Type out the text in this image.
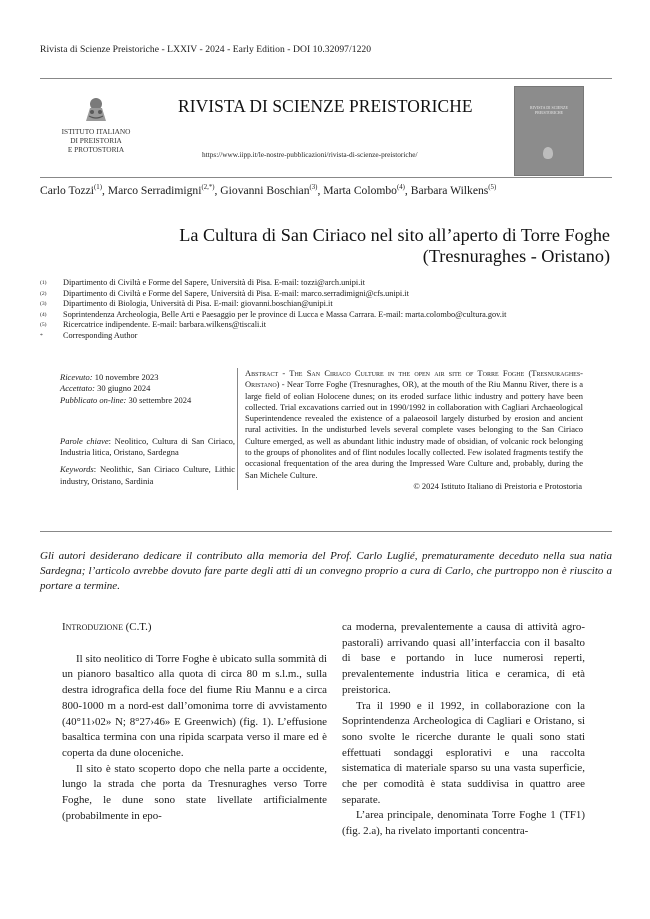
Rivista di Scienze Preistoriche - LXXIV - 2024 - Early Edition - DOI 10.32097/1220
ISTITUTO ITALIANO
DI PREISTORIA
E PROTOSTORIA
RIVISTA DI SCIENZE PREISTORICHE
https://www.iipp.it/le-nostre-pubblicazioni/rivista-di-scienze-preistoriche/
RIVISTA DI SCIENZE PREISTORICHE
Carlo Tozzi$^{(1)}$, Marco Serradimigni$^{(2,*)}$, Giovanni Boschian$^{(3)}$, Marta Colombo$^{(4)}$, Barbara Wilkens$^{(5)}$
La Cultura di San Ciriaco nel sito all’aperto di Torre Foghe
(Tresnuraghes - Oristano)
(1)	Dipartimento di Civiltà e Forme del Sapere, Università di Pisa. E-mail: tozzi@arch.unipi.it
(2)	Dipartimento di Civiltà e Forme del Sapere, Università di Pisa. E-mail: marco.serradimigni@cfs.unipi.it
(3)	Dipartimento di Biologia, Università di Pisa. E-mail: giovanni.boschian@unipi.it
(4)	Soprintendenza Archeologia, Belle Arti e Paesaggio per le province di Lucca e Massa Carrara. E-mail: marta.colombo@cultura.gov.it
(5)	Ricercatrice indipendente. E-mail: barbara.wilkens@tiscali.it
*	Corresponding Author
Ricevuto: 10 novembre 2023
Accettato: 30 giugno 2024
Pubblicato on-line: 30 settembre 2024
Parole chiave: Neolitico, Cultura di San Ciriaco, Industria litica, Oristano, Sardegna
Keywords: Neolithic, San Ciriaco Culture, Lithic industry, Oristano, Sardinia
Abstract - The San Ciriaco Culture in the open air site of Torre Foghe (Tresnuraghes-Oristano) - Near Torre Foghe (Tresnuraghes, OR), at the mouth of the Riu Mannu River, there is a large field of eolian Holocene dunes; on its eroded surface lithic industry and pottery have been collected. Trial excavations carried out in 1990/1992 in collaboration with Cagliari Archaeological Superintendence revealed the existence of a palaeosoil largely disturbed by erosion and ancient rural activities. In the undisturbed levels several complete vases belonging to the San Ciriaco Culture emerged, as well as abundant lithic industry made of obsidian, of volcanic rock belonging to the groups of phonolites and of flint nodules locally collected. Few isolated fragments testify the occasional frequentation of the area during the Impressed Ware Culture and, probably, during the San Michele Culture.
© 2024 Istituto Italiano di Preistoria e Protostoria
Gli autori desiderano dedicare il contributo alla memoria del Prof. Carlo Luglié, prematuramente deceduto nella sua natia Sardegna; l’articolo avrebbe dovuto fare parte degli atti di un convegno proprio a cura di Carlo, che purtroppo non è riuscito a portare a termine.
Introduzione (C.T.)

Il sito neolitico di Torre Foghe è ubicato sulla sommità di un pianoro basaltico alla quota di circa 80 m s.l.m., sulla destra idrografica della foce del fiume Riu Mannu e a circa 800-1000 m a nord-est dall’omonima torre di avvistamento (40°11›02» N; 8°27›46» E Greenwich) (fig. 1). L’effusione basaltica termina con una ripida scarpata verso il mare ed è coperta da dune oloceniche.

Il sito è stato scoperto dopo che nella parte a occidente, lungo la strada che porta da Tresnuraghes verso Torre Foghe, le dune sono state livellate artificialmente (probabilmente in epo-

ca moderna, prevalentemente a causa di attività agro-pastorali) arrivando quasi all’interfaccia con il basalto di base e portando in luce numerosi reperti, prevalentemente industria litica e ceramica, di età preistorica.

Tra il 1990 e il 1992, in collaborazione con la Soprintendenza Archeologica di Cagliari e Oristano, si sono svolte le ricerche durante le quali sono stati effettuati sondaggi esplorativi e una raccolta sistematica di materiale sparso su una vasta superficie, che per comodità è stata suddivisa in quattro aree separate.

L’area principale, denominata Torre Foghe 1 (TF1) (fig. 2.a), ha rivelato importanti concentra-
